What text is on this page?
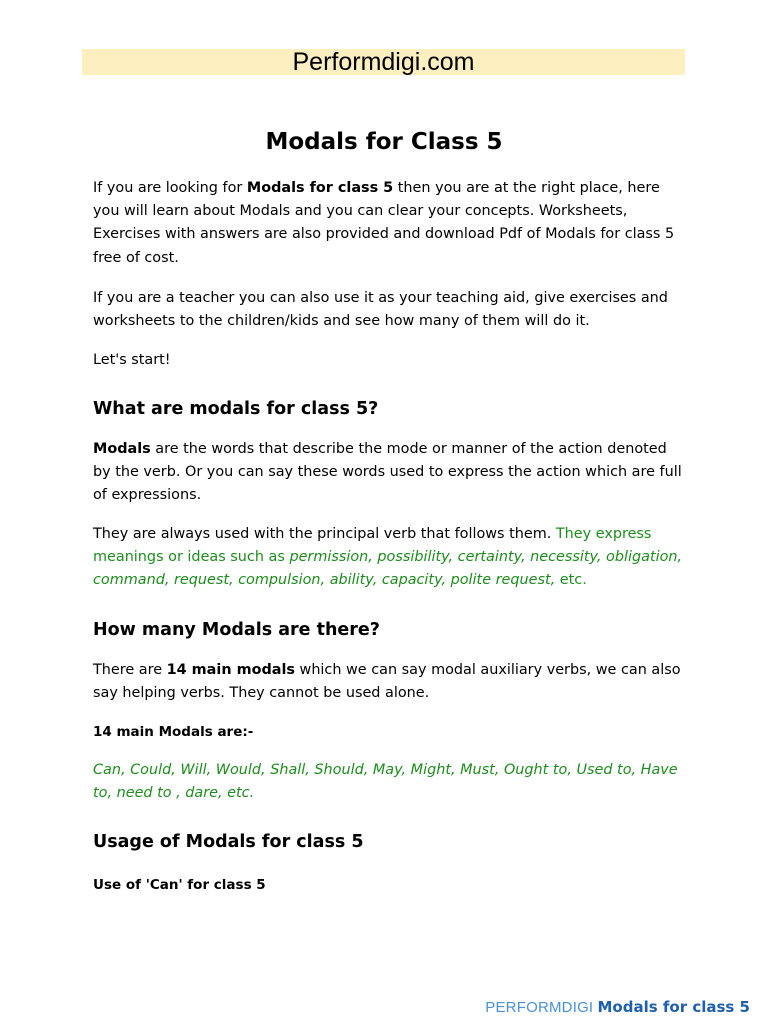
Performdigi.com
Modals for Class 5

If you are looking for Modals for class 5 then you are at the right place, here you will learn about Modals and you can clear your concepts. Worksheets, Exercises with answers are also provided and download Pdf of Modals for class 5 free of cost.

If you are a teacher you can also use it as your teaching aid, give exercises and worksheets to the children/kids and see how many of them will do it.

Let's start!

What are modals for class 5?

Modals are the words that describe the mode or manner of the action denoted by the verb. Or you can say these words used to express the action which are full of expressions.

They are always used with the principal verb that follows them. They express meanings or ideas such as permission, possibility, certainty, necessity, obligation, command, request, compulsion, ability, capacity, polite request, etc.

How many Modals are there?

There are 14 main modals which we can say modal auxiliary verbs, we can also say helping verbs. They cannot be used alone.

14 main Modals are:-

Can, Could, Will, Would, Shall, Should, May, Might, Must, Ought to, Used to, Have to, need to , dare, etc.

Usage of Modals for class 5

Use of 'Can' for class 5

PERFORMDIGI Modals for class 5
